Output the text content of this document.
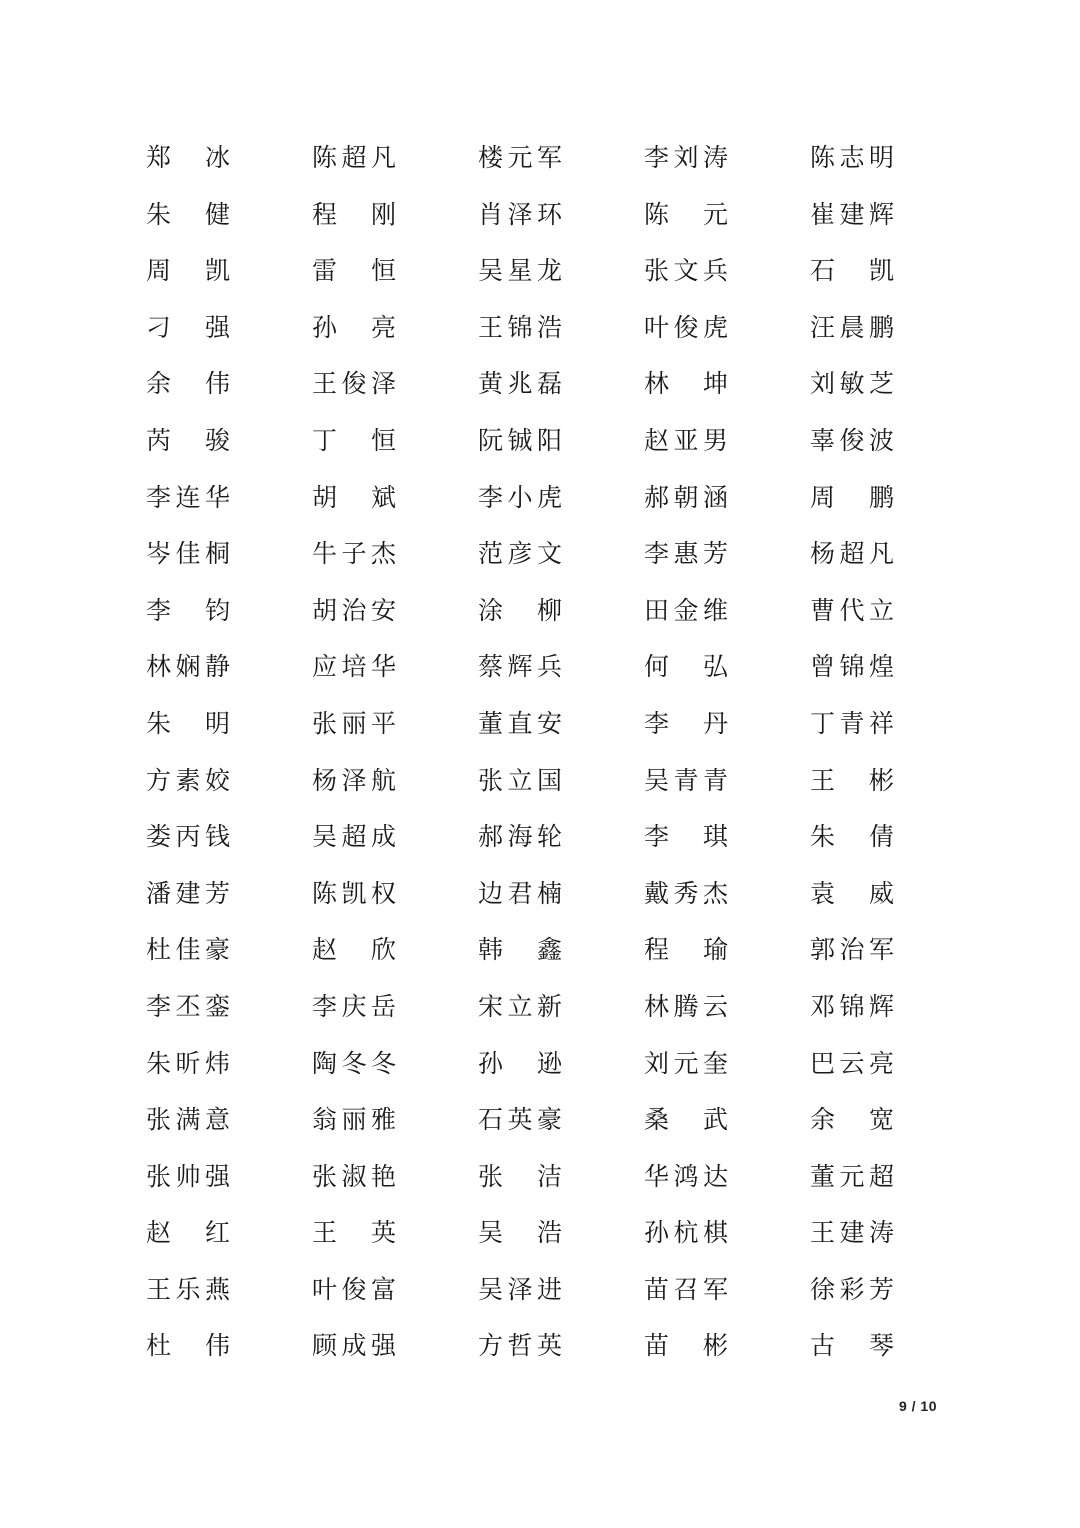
郑 冰	陈 超 凡	楼 元 军	李 刘 涛	陈 志 明
朱 健	程 刚	肖 泽 环	陈 元	崔 建 辉
周 凯	雷 恒	吴 星 龙	张 文 兵	石 凯
刁 强	孙 亮	王 锦 浩	叶 俊 虎	汪 晨 鹏
余 伟	王 俊 泽	黄 兆 磊	林 坤	刘 敏 芝
芮 骏	丁 恒	阮 铖 阳	赵 亚 男	辜 俊 波
李 连 华	胡 斌	李 小 虎	郝 朝 涵	周 鹏
岑 佳 桐	牛 子 杰	范 彦 文	李 惠 芳	杨 超 凡
李 钧	胡 治 安	涂 柳	田 金 维	曹 代 立
林 娴 静	应 培 华	蔡 辉 兵	何 弘	曾 锦 煌
朱 明	张 丽 平	董 直 安	李 丹	丁 青 祥
方 素 姣	杨 泽 航	张 立 国	吴 青 青	王 彬
娄 丙 钱	吴 超 成	郝 海 轮	李 琪	朱 倩
潘 建 芳	陈 凯 权	边 君 楠	戴 秀 杰	袁 威
杜 佳 豪	赵 欣	韩 鑫	程 瑜	郭 治 军
李 丕 銮	李 庆 岳	宋 立 新	林 腾 云	邓 锦 辉
朱 昕 炜	陶 冬 冬	孙 逊	刘 元 奎	巴 云 亮
张 满 意	翁 丽 雅	石 英 豪	桑 武	余 宽
张 帅 强	张 淑 艳	张 洁	华 鸿 达	董 元 超
赵 红	王 英	吴 浩	孙 杭 棋	王 建 涛
王 乐 燕	叶 俊 富	吴 泽 进	苗 召 军	徐 彩 芳
杜 伟	顾 成 强	方 哲 英	苗 彬	古 琴
9 / 10
